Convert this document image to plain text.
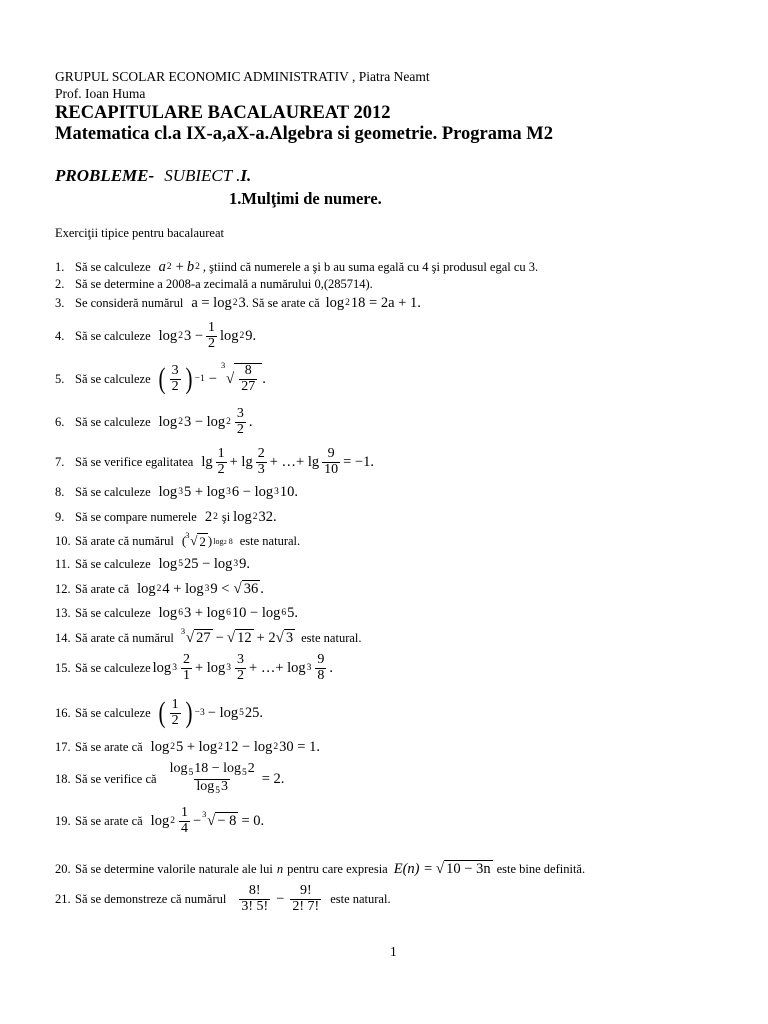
GRUPUL SCOLAR ECONOMIC ADMINISTRATIV , Piatra Neamt
Prof. Ioan Huma
RECAPITULARE BACALAUREAT 2012
Matematica cl.a IX-a,aX-a.Algebra si geometrie. Programa M2
PROBLEME- SUBIECT .I.
1.Mulţimi de numere.
Exerciţii tipice pentru bacalaureat
1. Să se calculeze a 2 + b 2 , ştiind că numerele a şi b au suma egală cu 4 şi produsul egal cu 3.
2. Să se determine a 2008-a zecimală a numărului 0,(285714).
3. Se consideră numărul a = log 2 3 . Să se arate că log 2 18 = 2a + 1.
4. Să se calculeze log 2 $3 - \frac{1}{2}$ log 2 9.
5. Să se calculeze ( $\frac{3}{2}$ ) −1 −
3
√ $\frac{8}{27}$ .
6. Să se calculeze log 2 $3 - \log 2 \frac{3}{2}$ .
7. Să se verifice egalitatea $\lg \frac{1}{2} + \lg \frac{2}{3}$ + …+ $\lg \frac{9}{10} = -1$.
8. Să se calculeze log 3 5 + log 3 6 − log 3 10.
9. Să se compare numerele 2 2 şi log 2 32.
10. Să arate că numărul ( 3 √ 2 ) log2 8 este natural.
11. Să se calculeze log 5 25 − log 3 9.
12. Să arate că log 2 4 + log 3 9 < √ 36 .
13. Să se calculeze log 6 3 + log 6 10 − log 6 5.
14. Să arate că numărul 3 √ 27 − √ 12 + 2 √ 3 este natural.
15. Să se calculeze $\log 3 \frac{2}{1} + \log 3 \frac{3}{2}$ + …+ $\log 3 \frac{9}{8}$ .
16. Să se calculeze ( $\frac{1}{2}$ ) −3 − log 5 25.
17. Să se arate că log 2 5 + log 2 12 − log 2 30 = 1.
18. Să se verifice că $\frac{\log_518 - \log_52}{\log_53} = 2$.
19. Să se arate că $\log 2 \frac{1}{4} - 3$ √ − 8 = 0.
20. Să se determine valorile naturale ale lui n pentru care expresia E(n) = √ 10 − 3n este bine definită.
21. Să se demonstreze că numărul $\frac{8!}{3! 5!} - \frac{9!}{2! 7!}$ este natural.
1
